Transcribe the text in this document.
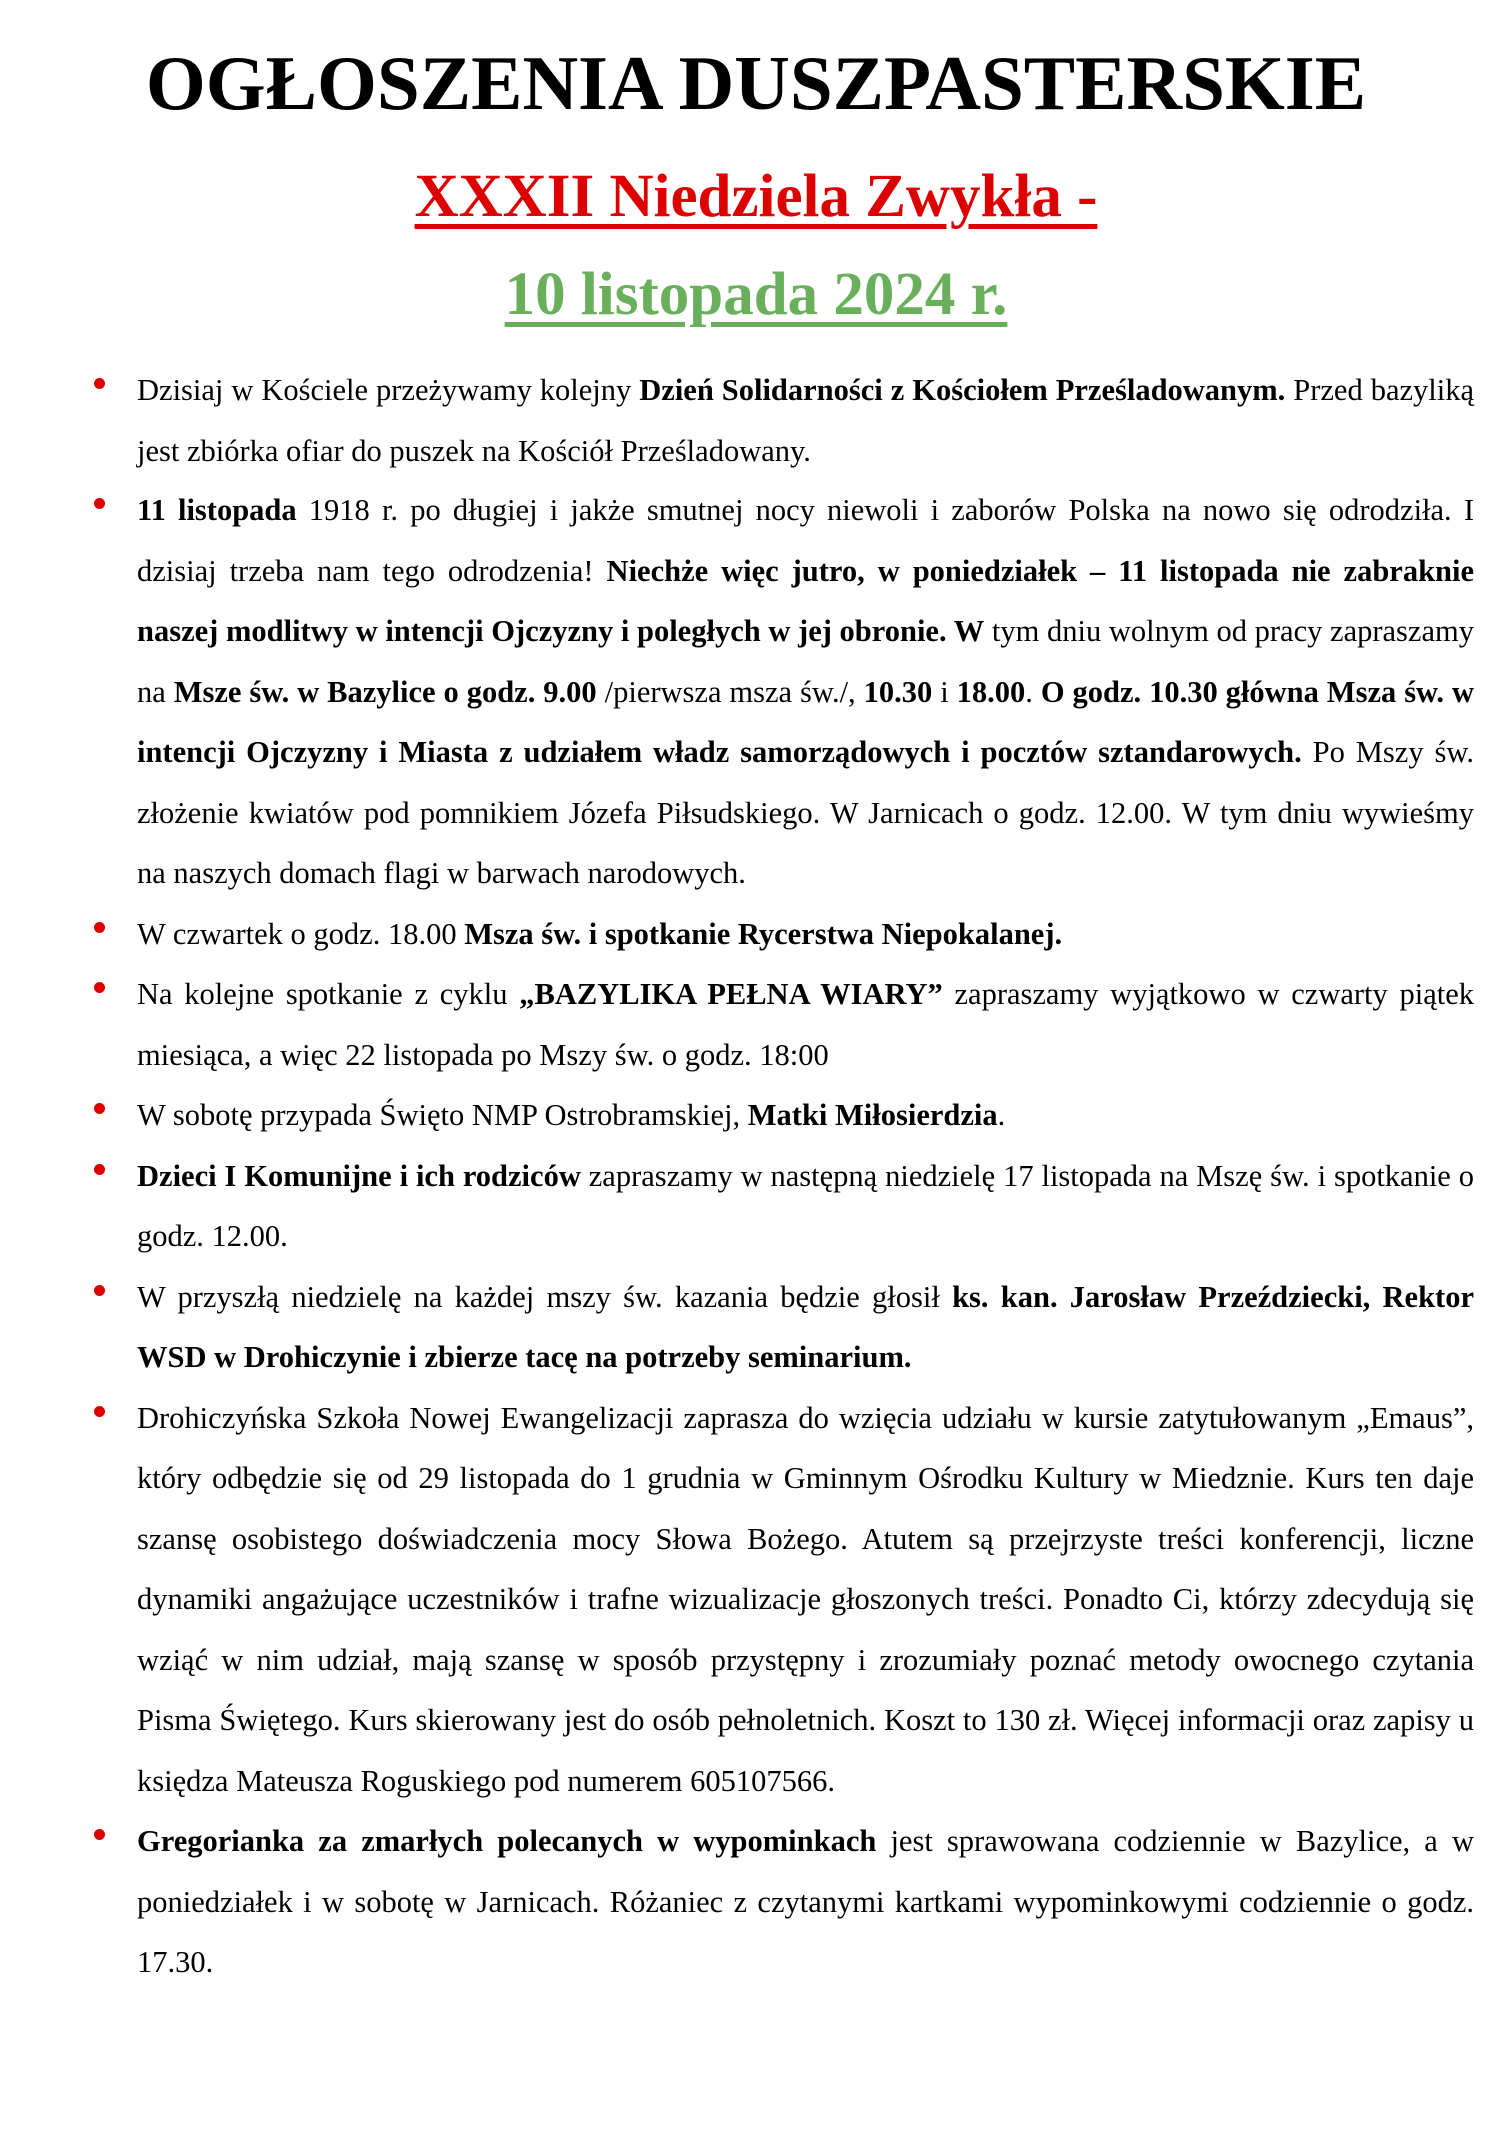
OGŁOSZENIA DUSZPASTERSKIE
XXXII Niedziela Zwykła -
10 listopada 2024 r.
Dzisiaj w Kościele przeżywamy kolejny Dzień Solidarności z Kościołem Prześladowanym. Przed bazyliką jest zbiórka ofiar do puszek na Kościół Prześladowany.
11 listopada 1918 r. po długiej i jakże smutnej nocy niewoli i zaborów Polska na nowo się odrodziła. I dzisiaj trzeba nam tego odrodzenia! Niechże więc jutro, w poniedziałek – 11 listopada nie zabraknie naszej modlitwy w intencji Ojczyzny i poległych w jej obronie. W tym dniu wolnym od pracy zapraszamy na Msze św. w Bazylice o godz. 9.00 /pierwsza msza św./, 10.30 i 18.00. O godz. 10.30 główna Msza św. w intencji Ojczyzny i Miasta z udziałem władz samorządowych i pocztów sztandarowych. Po Mszy św. złożenie kwiatów pod pomnikiem Józefa Piłsudskiego. W Jarnicach o godz. 12.00. W tym dniu wywieśmy na naszych domach flagi w barwach narodowych.
W czwartek o godz. 18.00 Msza św. i spotkanie Rycerstwa Niepokalanej.
Na kolejne spotkanie z cyklu „BAZYLIKA PEŁNA WIARY” zapraszamy wyjątkowo w czwarty piątek miesiąca, a więc 22 listopada po Mszy św. o godz. 18:00
W sobotę przypada Święto NMP Ostrobramskiej, Matki Miłosierdzia.
Dzieci I Komunijne i ich rodziców zapraszamy w następną niedzielę 17 listopada na Mszę św. i spotkanie o godz. 12.00.
W przyszłą niedzielę na każdej mszy św. kazania będzie głosił ks. kan. Jarosław Przeździecki, Rektor WSD w Drohiczynie i zbierze tacę na potrzeby seminarium.
Drohiczyńska Szkoła Nowej Ewangelizacji zaprasza do wzięcia udziału w kursie zatytułowanym „Emaus”, który odbędzie się od 29 listopada do 1 grudnia w Gminnym Ośrodku Kultury w Miedznie. Kurs ten daje szansę osobistego doświadczenia mocy Słowa Bożego. Atutem są przejrzyste treści konferencji, liczne dynamiki angażujące uczestników i trafne wizualizacje głoszonych treści. Ponadto Ci, którzy zdecydują się wziąć w nim udział, mają szansę w sposób przystępny i zrozumiały poznać metody owocnego czytania Pisma Świętego. Kurs skierowany jest do osób pełnoletnich. Koszt to 130 zł. Więcej informacji oraz zapisy u księdza Mateusza Roguskiego pod numerem 605107566.
Gregorianka za zmarłych polecanych w wypominkach jest sprawowana codziennie w Bazylice, a w poniedziałek i w sobotę w Jarnicach. Różaniec z czytanymi kartkami wypominkowymi codziennie o godz. 17.30.
